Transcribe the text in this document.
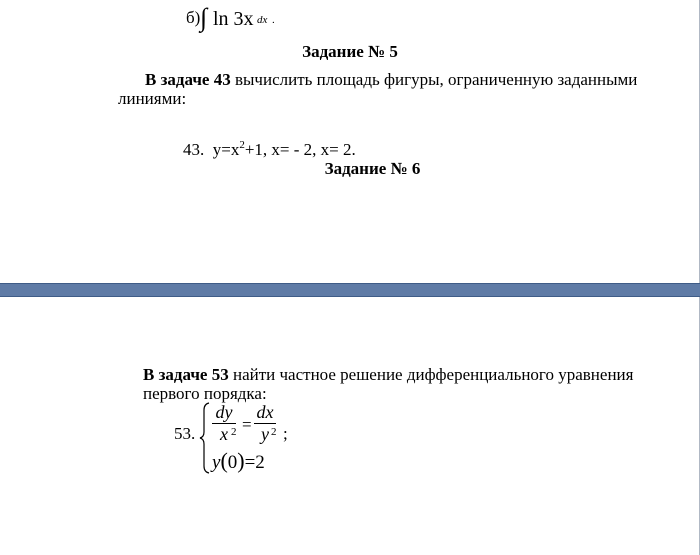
б) ∫ ln 3x dx .
Задание № 5
В задаче 43 вычислить площадь фигуры, ограниченную заданными
линиями:
43. $y=x^2+1$, x= - 2, x= 2.
Задание № 6
В задаче 53 найти частное решение дифференциального уравнения
первого порядка:
53.
dy
x 2 =
dx
y 2 ;
y(0)=2
